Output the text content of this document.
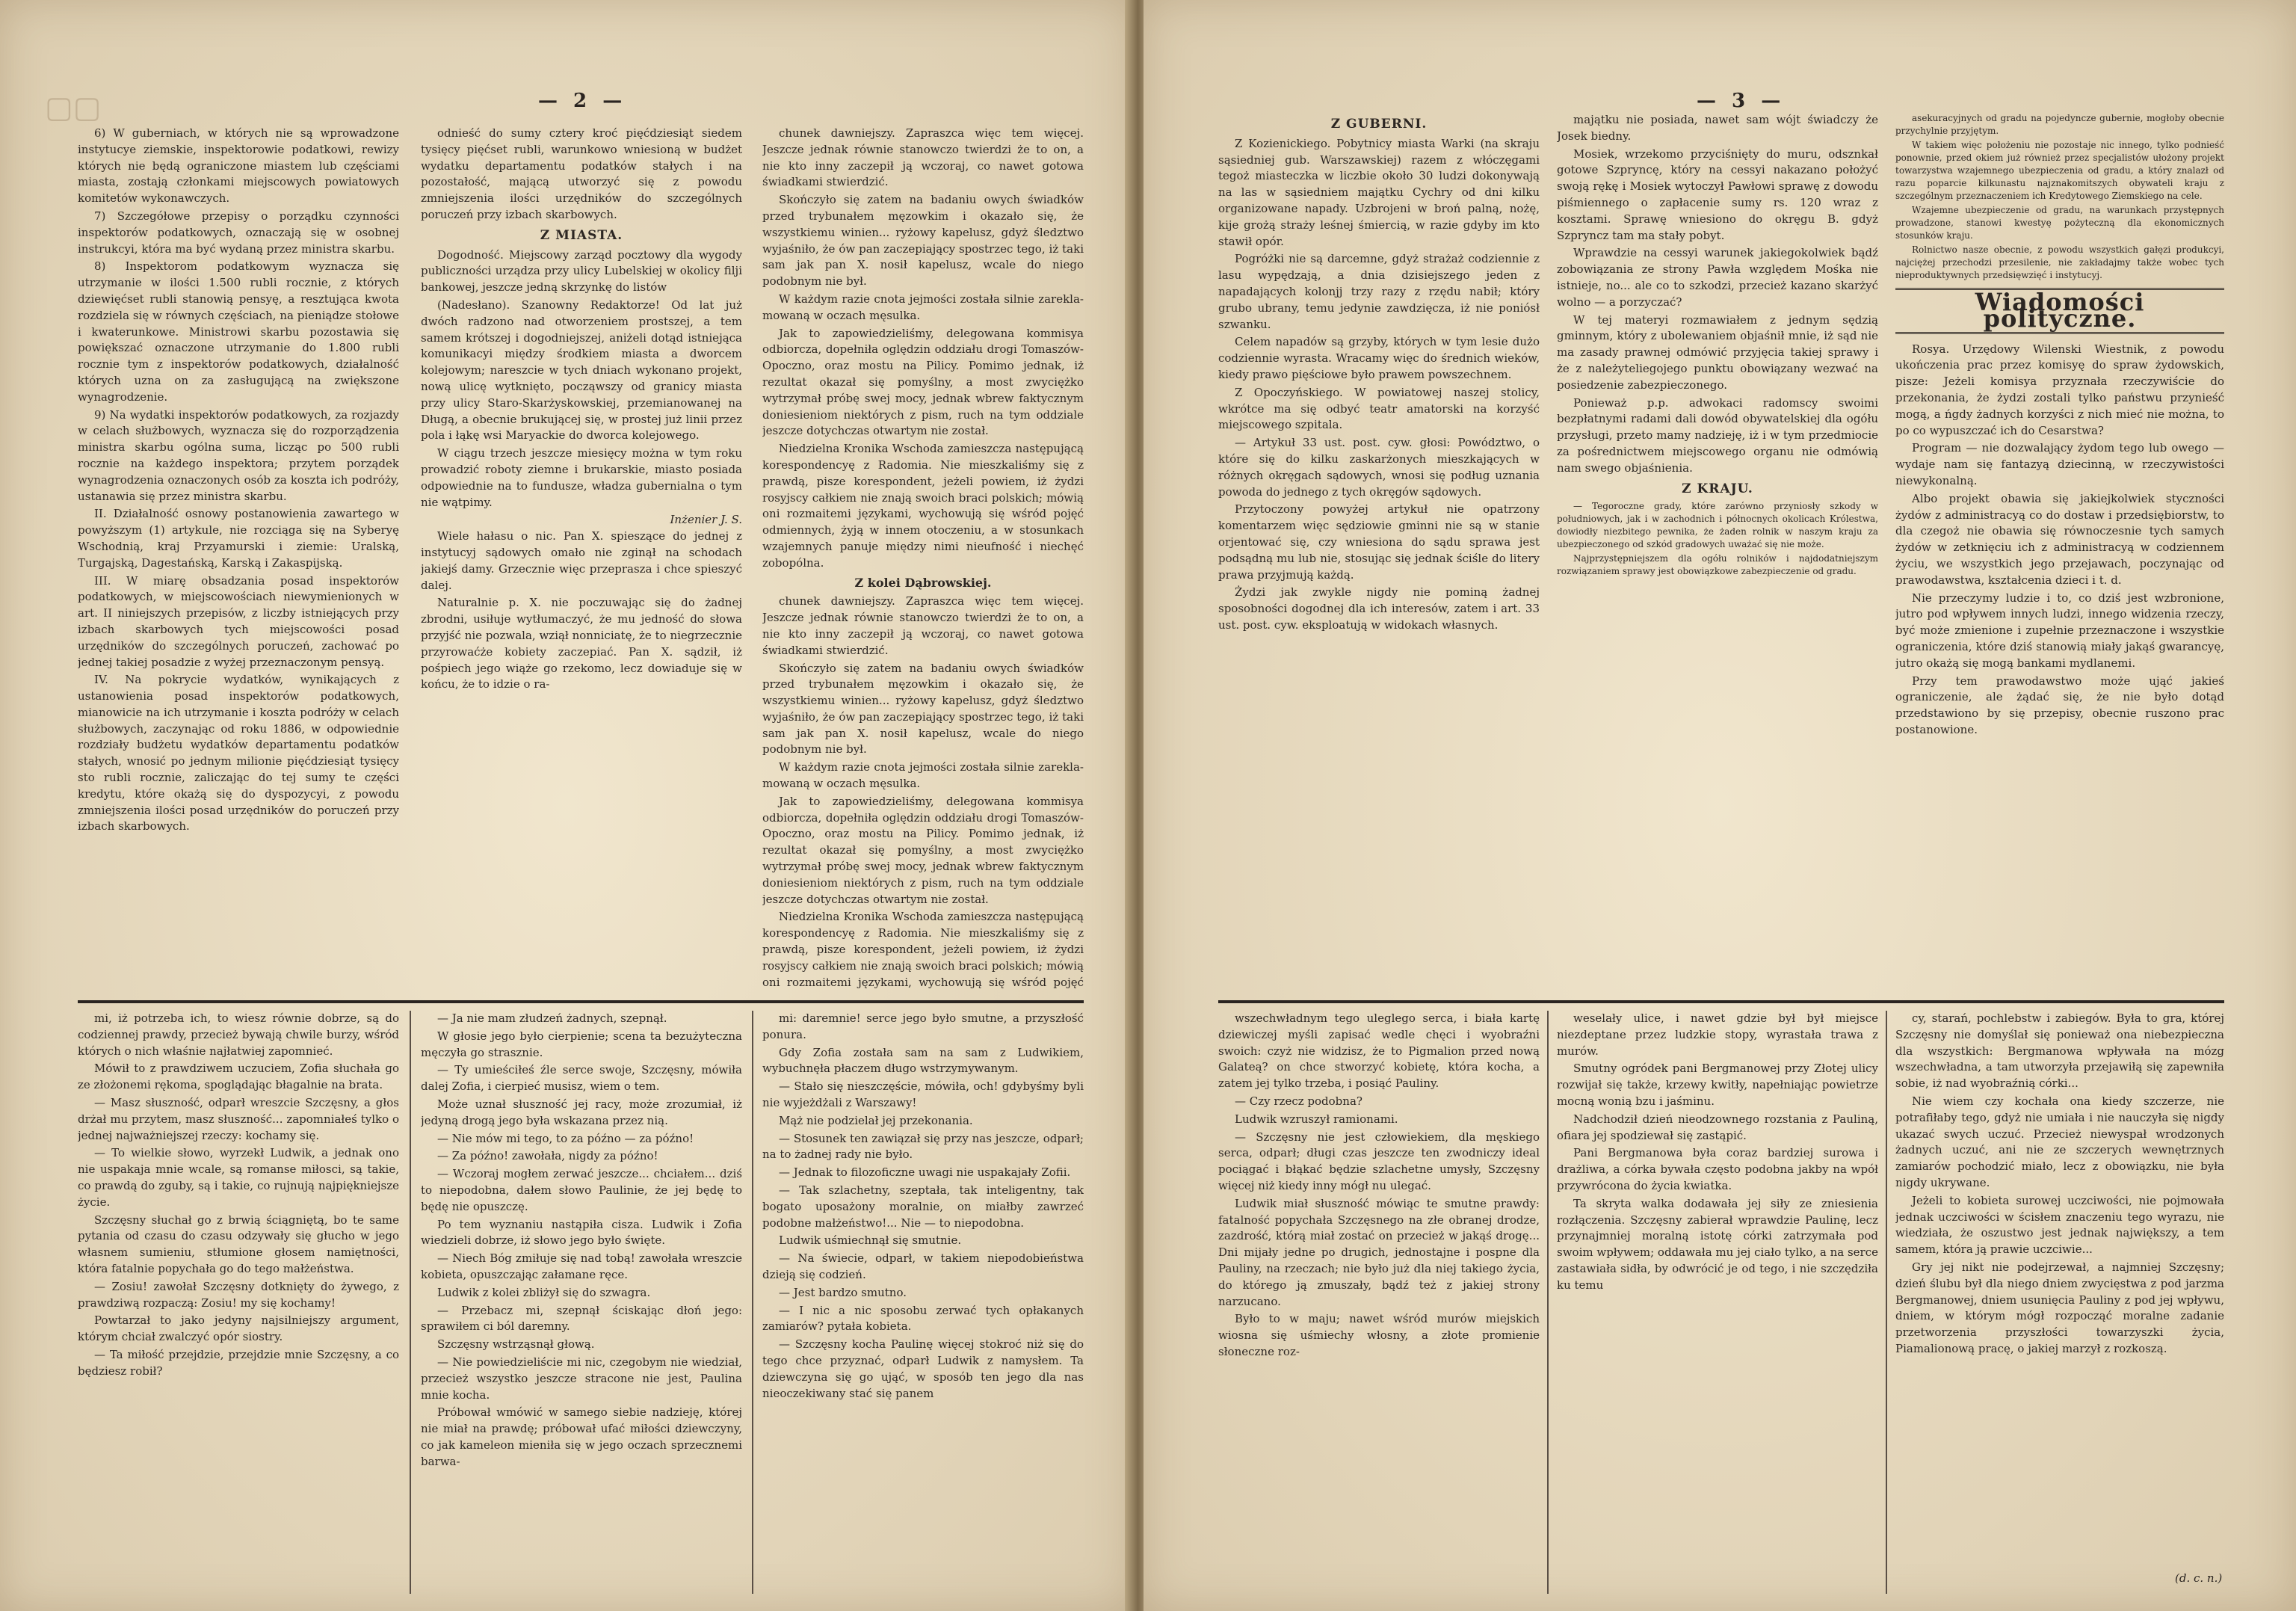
▢▢	— 2 —

6) W guberniach, w których nie są wprowadzone instytucye ziemskie, inspektorowie podatkowi, rewizy których nie będą ograniczone miastem lub częściami miasta, zostają członkami miejscowych powiatowych komitetów wykonawczych.

7) Szczegółowe przepisy o porządku czynności inspektorów podatkowych, oznaczają się w osobnej instrukcyi, która ma być wydaną przez ministra skarbu.

8) Inspektorom podatkowym wyznacza się utrzymanie w ilości 1.500 rubli rocznie, z których dziewięćset rubli stanowią pensyę, a resztująca kwota rozdziela się w równych częściach, na pieniądze stołowe i kwaterunkowe. Ministrowi skarbu pozostawia się powiększać oznaczone utrzymanie do 1.800 rubli rocznie tym z inspektorów podatkowych, działalność których uzna on za zasługującą na zwiększone wynagrodzenie.

9) Na wydatki inspektorów podatkowych, za rozjazdy w celach służbowych, wyznacza się do rozporządzenia ministra skarbu ogólna suma, licząc po 500 rubli rocznie na każdego inspektora; przytem porządek wynagrodzenia oznaczonych osób za koszta ich podróży, ustanawia się przez ministra skarbu.

II. Działalność osnowy postanowienia zawartego w powyższym (1) artykule, nie rozciąga się na Syberyę Wschodnią, kraj Przyamurski i ziemie: Uralską, Turgajską, Dagestańską, Karską i Zakaspijską.

III. W miarę obsadzania posad inspektorów podatkowych, w miejscowościach niewymienionych w art. II niniejszych przepisów, z liczby istniejących przy izbach skarbowych tych miejscowości posad urzędników do szczególnych poruczeń, zachować po jednej takiej posadzie z wyżej przeznaczonym pensyą.

IV. Na pokrycie wydatków, wynikających z ustanowienia posad inspektorów podatkowych, mianowicie na ich utrzymanie i koszta podróży w celach służbowych, zaczynając od roku 1886, w odpowiednie rozdziały budżetu wydatków departamentu podatków stałych, wnosić po jednym milionie pięćdziesiąt tysięcy sto rubli rocznie, zaliczając do tej sumy te części kredytu, które okażą się do dyspozycyi, z powodu zmniejszenia ilości posad urzędników do poruczeń przy izbach skarbowych.

odnieść do sumy cztery kroć pięćdziesiąt siedem tysięcy pięćset rubli, warunkowo wniesioną w budżet wydatku departamentu podatków stałych i na pozostałość, mającą utworzyć się z powodu zmniejszenia ilości urzędników do szczególnych poruczeń przy izbach skarbowych.

Z MIASTA.

Dogodność. Miejscowy zarząd pocztowy dla wygody publiczności urządza przy ulicy Lubelskiej w okolicy filji bankowej, jeszcze jedną skrzynkę do listów

(Nadesłano). Szanowny Redaktorze! Od lat już dwóch radzono nad otworzeniem prostszej, a tem samem krótszej i dogodniejszej, aniżeli dotąd istniejąca komunikacyi między środkiem miasta a dworcem kolejowym; nareszcie w tych dniach wykonano projekt, nową ulicę wytknięto, począwszy od granicy miasta przy ulicy Staro-Skarżyskowskiej, przemianowanej na Długą, a obecnie brukującej się, w prostej już linii przez pola i łąkę wsi Maryackie do dworca kolejowego.

W ciągu trzech jeszcze miesięcy można w tym roku prowadzić roboty ziemne i brukarskie, miasto posiada odpowiednie na to fundusze, władza gubernialna o tym nie wątpimy.

Inżenier J. S.

Wiele hałasu o nic. Pan X. spieszące do jednej z instytucyj sądowych omało nie zginął na schodach jakiejś damy. Grzecznie więc przeprasza i chce spieszyć dalej.

Naturalnie p. X. nie poczuwając się do żadnej zbrodni, usiłuje wytłumaczyć, że mu jedność do słowa przyjść nie pozwala, wziął nonniciatę, że to niegrzecznie przyrowaćże kobiety zaczepiać. Pan X. sądził, iż pośpiech jego wiąże go rzekomo, lecz dowiaduje się w końcu, że to idzie o ra-

chunek dawniejszy. Zapraszca więc tem więcej. Jeszcze jednak równie stanowczo twierdzi że to on, a nie kto inny zaczepił ją wczoraj, co nawet gotowa świadkami stwierdzić.

Skończyło się zatem na badaniu owych świadków przed trybunałem męzowkim i okazało się, że wszystkiemu winien... ryżowy kapelusz, gdyż śledztwo wyjaśniło, że ów pan zaczepiający spostrzec tego, iż taki sam jak pan X. nosił kapelusz, wcale do niego podobnym nie był.

W każdym razie cnota jejmości została silnie zareklamowaną w oczach męsulka.

Jak to zapowiedzieliśmy, delegowana kommisya odbiorcza, dopełniła oględzin oddziału drogi Tomaszów-Opoczno, oraz mostu na Pilicy. Pomimo jednak, iż rezultat okazał się pomyślny, a most zwyciężko wytrzymał próbę swej mocy, jednak wbrew faktycznym doniesieniom niektórych z pism, ruch na tym oddziale jeszcze dotychczas otwartym nie został.

Niedzielna Kronika Wschoda zamieszcza następującą korespondencyę z Radomia. Nie mieszkaliśmy się z prawdą, pisze korespondent, jeżeli powiem, iż żydzi rosyjscy całkiem nie znają swoich braci polskich; mówią oni rozmaitemi językami, wychowują się wśród pojęć odmiennych, żyją w innem otoczeniu, a w stosunkach wzajemnych panuje między nimi nieufność i niechęć zobopólna.

Z kolei Dąbrowskiej.

chunek dawniejszy. Zapraszca więc tem więcej. Jeszcze jednak równie stanowczo twierdzi że to on, a nie kto inny zaczepił ją wczoraj, co nawet gotowa świadkami stwierdzić.

Skończyło się zatem na badaniu owych świadków przed trybunałem męzowkim i okazało się, że wszystkiemu winien... ryżowy kapelusz, gdyż śledztwo wyjaśniło, że ów pan zaczepiający spostrzec tego, iż taki sam jak pan X. nosił kapelusz, wcale do niego podobnym nie był.

W każdym razie cnota jejmości została silnie zareklamowaną w oczach męsulka.

Jak to zapowiedzieliśmy, delegowana kommisya odbiorcza, dopełniła oględzin oddziału drogi Tomaszów-Opoczno, oraz mostu na Pilicy. Pomimo jednak, iż rezultat okazał się pomyślny, a most zwyciężko wytrzymał próbę swej mocy, jednak wbrew faktycznym doniesieniom niektórych z pism, ruch na tym oddziale jeszcze dotychczas otwartym nie został.

Niedzielna Kronika Wschoda zamieszcza następującą korespondencyę z Radomia. Nie mieszkaliśmy się z prawdą, pisze korespondent, jeżeli powiem, iż żydzi rosyjscy całkiem nie znają swoich braci polskich; mówią oni rozmaitemi językami, wychowują się wśród pojęć

mi, iż potrzeba ich, to wiesz równie dobrze, są do codziennej prawdy, przecież bywają chwile burzy, wśród których o nich właśnie najłatwiej zapomnieć.

Mówił to z prawdziwem uczuciem, Zofia słuchała go ze złożonemi rękoma, spoglądając błagalnie na brata.

— Masz słuszność, odparł wreszcie Szczęsny, a głos drżał mu przytem, masz słuszność... zapomniałeś tylko o jednej najważniejszej rzeczy: kochamy się.

— To wielkie słowo, wyrzekł Ludwik, a jednak ono nie uspakaja mnie wcale, są romanse miłosci, są takie, co prawdą do zguby, są i takie, co rujnują najpiękniejsze życie.

Szczęsny słuchał go z brwią ściągniętą, bo te same pytania od czasu do czasu odzywały się głucho w jego własnem sumieniu, stłumione głosem namiętności, która fatalnie popychała go do tego małżeństwa.

— Zosiu! zawołał Szczęsny dotknięty do żywego, z prawdziwą rozpaczą: Zosiu! my się kochamy!

Powtarzał to jako jedyny najsilniejszy argument, którym chciał zwalczyć opór siostry.

— Ta miłość przejdzie, przejdzie mnie Szczęsny, a co będziesz robił?

— Ja nie mam złudzeń żadnych, szepnął.

W głosie jego było cierpienie; scena ta bezużyteczna męczyła go strasznie.

— Ty umieściłeś źle serce swoje, Szczęsny, mówiła dalej Zofia, i cierpieć musisz, wiem o tem.

Może uznał słuszność jej racy, może zrozumiał, iż jedyną drogą jego była wskazana przez nią.

— Nie mów mi tego, to za późno — za późno!

— Za późno! zawołała, nigdy za późno!

— Wczoraj mogłem zerwać jeszcze... chciałem... dziś to niepodobna, dałem słowo Paulinie, że jej będę to będę nie opuszczę.

Po tem wyznaniu nastąpiła cisza. Ludwik i Zofia wiedzieli dobrze, iż słowo jego było święte.

— Niech Bóg zmiłuje się nad tobą! zawołała wreszcie kobieta, opuszczając załamane ręce.

Ludwik z kolei zbliżył się do szwagra.

— Przebacz mi, szepnął ściskając dłoń jego: sprawiłem ci ból daremny.

Szczęsny wstrząsnął głową.

— Nie powiedzieliście mi nic, czegobym nie wiedział, przecież wszystko jeszcze stracone nie jest, Paulina mnie kocha.

Próbował wmówić w samego siebie nadzieję, której nie miał na prawdę; próbował ufać miłości dziewczyny, co jak kameleon mieniła się w jego oczach sprzecznemi barwa-

mi: daremnie! serce jego było smutne, a przyszłość ponura.

Gdy Zofia została sam na sam z Ludwikiem, wybuchnęła płaczem długo wstrzymywanym.

— Stało się nieszczęście, mówiła, och! gdybyśmy byli nie wyjeżdżali z Warszawy!

Mąż nie podzielał jej przekonania.

— Stosunek ten zawiązał się przy nas jeszcze, odparł; na to żadnej rady nie było.

— Jednak to filozoficzne uwagi nie uspakajały Zofii.

— Tak szlachetny, szeptała, tak inteligentny, tak bogato uposażony moralnie, on miałby zawrzeć podobne małżeństwo!... Nie — to niepodobna.

Ludwik uśmiechnął się smutnie.

— Na świecie, odparł, w takiem niepodobieństwa dzieją się codzień.

— Jest bardzo smutno.

— I nic a nic sposobu zerwać tych opłakanych zamiarów? pytała kobieta.

— Szczęsny kocha Paulinę więcej stokroć niż się do tego chce przyznać, odparł Ludwik z namysłem. Ta dziewczyna się go ująć, w sposób ten jego dla nas nieoczekiwany stać się panem

— 3 —
Z GUBERNI.

Z Kozienickiego. Pobytnicy miasta Warki (na skraju sąsiedniej gub. Warszawskiej) razem z włóczęgami tegoż miasteczka w liczbie około 30 ludzi dokonywają na las w sąsiedniem majątku Cychry od dni kilku organizowane napady. Uzbrojeni w broń palną, nożę, kije grożą straży leśnej śmiercią, w razie gdyby im kto stawił opór.

Pogróżki nie są darcemne, gdyż strażaż codziennie z lasu wypędzają, a dnia dzisiejszego jeden z napadających kolonjj trzy razy z rzędu nabił; który grubo ubrany, temu jedynie zawdzięcza, iż nie poniósł szwanku.

Celem napadów są grzyby, których w tym lesie dużo codziennie wyrasta. Wracamy więc do średnich wieków, kiedy prawo pięściowe było prawem powszechnem.

Z Opoczyńskiego. W powiatowej naszej stolicy, wkrótce ma się odbyć teatr amatorski na korzyść miejscowego szpitala.

— Artykuł 33 ust. post. cyw. głosi: Powództwo, o które się do kilku zaskarżonych mieszkających w różnych okręgach sądowych, wnosi się podług uznania powoda do jednego z tych okręgów sądowych.

Przytoczony powyżej artykuł nie opatrzony komentarzem więc sędziowie gminni nie są w stanie orjentować się, czy wniesiona do sądu sprawa jest podsądną mu lub nie, stosując się jednak ściśle do litery prawa przyjmują każdą.

Żydzi jak zwykle nigdy nie pominą żadnej sposobności dogodnej dla ich interesów, zatem i art. 33 ust. post. cyw. eksploatują w widokach własnych.

majątku nie posiada, nawet sam wójt świadczy że Josek biedny.

Mosiek, wrzekomo przyciśnięty do muru, odsznkał gotowe Szpryncę, który na cessyi nakazano położyć swoją rękę i Mosiek wytoczył Pawłowi sprawę z dowodu piśmiennego o zapłacenie sumy rs. 120 wraz z kosztami. Sprawę wniesiono do okręgu B. gdyż Szpryncz tam ma stały pobyt.

Wprawdzie na cessyi warunek jakiegokolwiek bądź zobowiązania ze strony Pawła względem Mośka nie istnieje, no... ale co to szkodzi, przecież kazano skarżyć wolno — a porzyczać?

W tej materyi rozmawiałem z jednym sędzią gminnym, który z ubolewaniem objaśnił mnie, iż sąd nie ma zasady prawnej odmówić przyjęcia takiej sprawy i że z należyteliegojego punktu obowiązany wezwać na posiedzenie zabezpieczonego.

Ponieważ p.p. adwokaci radomscy swoimi bezpłatnymi radami dali dowód obywatelskiej dla ogółu przysługi, przeto mamy nadzieję, iż i w tym przedmiocie za pośrednictwem miejscowego organu nie odmówią nam swego objaśnienia.

Z KRAJU.

— Tegoroczne grady, które zarówno przyniosły szkody w południowych, jak i w zachodnich i północnych okolicach Królestwa, dowiodły niezbitego pewnika, że żaden rolnik w naszym kraju za ubezpieczonego od szkód gradowych uważać się nie może.

Najprzystępniejszem dla ogółu rolników i najdodatniejszym rozwiązaniem sprawy jest obowiązkowe zabezpieczenie od gradu.

asekuracyjnych od gradu na pojedyncze gubernie, mogłoby obecnie przychylnie przyjętym.

W takiem więc położeniu nie pozostaje nic innego, tylko podnieść ponownie, przed okiem już również przez specjalistów ułożony projekt towarzystwa wzajemnego ubezpieczenia od gradu, a który znalazł od razu poparcie kilkunastu najznakomitszych obywateli kraju z szczególnym przeznaczeniem ich Kredytowego Ziemskiego na cele.

Wzajemne ubezpieczenie od gradu, na warunkach przystępnych prowadzone, stanowi kwestyę pożyteczną dla ekonomicznych stosunków kraju.

Rolnictwo nasze obecnie, z powodu wszystkich gałęzi produkcyi, najciężej przechodzi przesilenie, nie zakładajmy także wobec tych nieproduktywnych przedsięwzięć i instytucyj.

Wiadomości polityczne.

Rosya. Urzędowy Wilenski Wiestnik, z powodu ukończenia prac przez komisyę do spraw żydowskich, pisze: Jeżeli komisya przyznała rzeczywiście do przekonania, że żydzi zostali tylko państwu przynieść mogą, a ńgdy żadnych korzyści z nich mieć nie można, to po co wypuszczać ich do Cesarstwa?

Program — nie dozwalający żydom tego lub owego — wydaje nam się fantazyą dziecinną, w rzeczywistości niewykonalną.

Albo projekt obawia się jakiejkolwiek styczności żydów z administracyą co do dostaw i przedsiębiorstw, to dla czegoż nie obawia się równoczesnie tych samych żydów w zetknięciu ich z administracyą w codziennem życiu, we wszystkich jego przejawach, poczynając od prawodawstwa, kształcenia dzieci i t. d.

Nie przeczymy ludzie i to, co dziś jest wzbronione, jutro pod wpływem innych ludzi, innego widzenia rzeczy, być może zmienione i zupełnie przeznaczone i wszystkie ograniczenia, które dziś stanowią miały jakąś gwarancyę, jutro okażą się mogą bankami mydlanemi.

Przy tem prawodawstwo może ująć jakieś ograniczenie, ale żądać się, że nie było dotąd przedstawiono by się przepisy, obecnie ruszono prac postanowione.

wszechwładnym tego uleglego serca, i biała kartę dziewiczej myśli zapisać wedle chęci i wyobraźni swoich: czyż nie widzisz, że to Pigmalion przed nową Galateą? on chce stworzyć kobietę, która kocha, a zatem jej tylko trzeba, i posiąć Pauliny.

— Czy rzecz podobna?

Ludwik wzruszył ramionami.

— Szczęsny nie jest człowiekiem, dla męskiego serca, odparł; długi czas jeszcze ten zwodniczy ideal pociągać i błąkać będzie szlachetne umysły, Szczęsny więcej niż kiedy inny mógł nu ulegać.

Ludwik miał słuszność mówiąc te smutne prawdy: fatalność popychała Szczęsnego na złe obranej drodze, zazdrość, którą miał zostać on przecież w jakąś drogę... Dni mijały jedne po drugich, jednostajne i pospne dla Pauliny, na rzeczach; nie było już dla niej takiego życia, do którego ją zmuszały, bądź też z jakiej strony narzucano.

Było to w maju; nawet wśród murów miejskich wiosna się uśmiechy włosny, a złote promienie słoneczne roz-

weselały ulice, i nawet gdzie był był miejsce niezdeptane przez ludzkie stopy, wyrastała trawa z murów.

Smutny ogródek pani Bergmanowej przy Złotej ulicy rozwijał się także, krzewy kwitły, napełniając powietrze mocną wonią bzu i jaśminu.

Nadchodził dzień nieodzownego rozstania z Pauliną, ofiara jej spodziewał się zastąpić.

Pani Bergmanowa była coraz bardziej surowa i drażliwa, a córka bywała często podobna jakby na wpół przywrócona do życia kwiatka.

Ta skryta walka dodawała jej siły ze zniesienia rozłączenia. Szczęsny zabierał wprawdzie Paulinę, lecz przynajmniej moralną istotę córki zatrzymała pod swoim wpływem; oddawała mu jej ciało tylko, a na serce zastawiała sidła, by odwrócić je od tego, i nie szczędziła ku temu

cy, starań, pochlebstw i zabiegów. Była to gra, której Szczęsny nie domyślał się ponieważ ona niebezpieczna dla wszystkich: Bergmanowa wpływała na mózg wszechwładna, a tam utworzyła przejawiłą się zapewniła sobie, iż nad wyobraźnią córki...

Nie wiem czy kochała ona kiedy szczerze, nie potrafiłaby tego, gdyż nie umiała i nie nauczyła się nigdy ukazać swych uczuć. Przecież niewyspał wrodzonych żadnych uczuć, ani nie ze szczerych wewnętrznych zamiarów pochodzić miało, lecz z obowiązku, nie była nigdy ukrywane.

Jeżeli to kobieta surowej uczciwości, nie pojmowała jednak uczciwości w ścisłem znaczeniu tego wyrazu, nie wiedziała, że oszustwo jest jednak największy, a tem samem, która ją prawie uczciwie...

Gry jej nikt nie podejrzewał, a najmniej Szczęsny; dzień ślubu był dla niego dniem zwycięstwa z pod jarzma Bergmanowej, dniem usunięcia Pauliny z pod jej wpływu, dniem, w którym mógł rozpocząć moralne zadanie przetworzenia przyszłości towarzyszki życia, Piamalionową pracę, o jakiej marzył z rozkoszą.

(d. c. n.)
